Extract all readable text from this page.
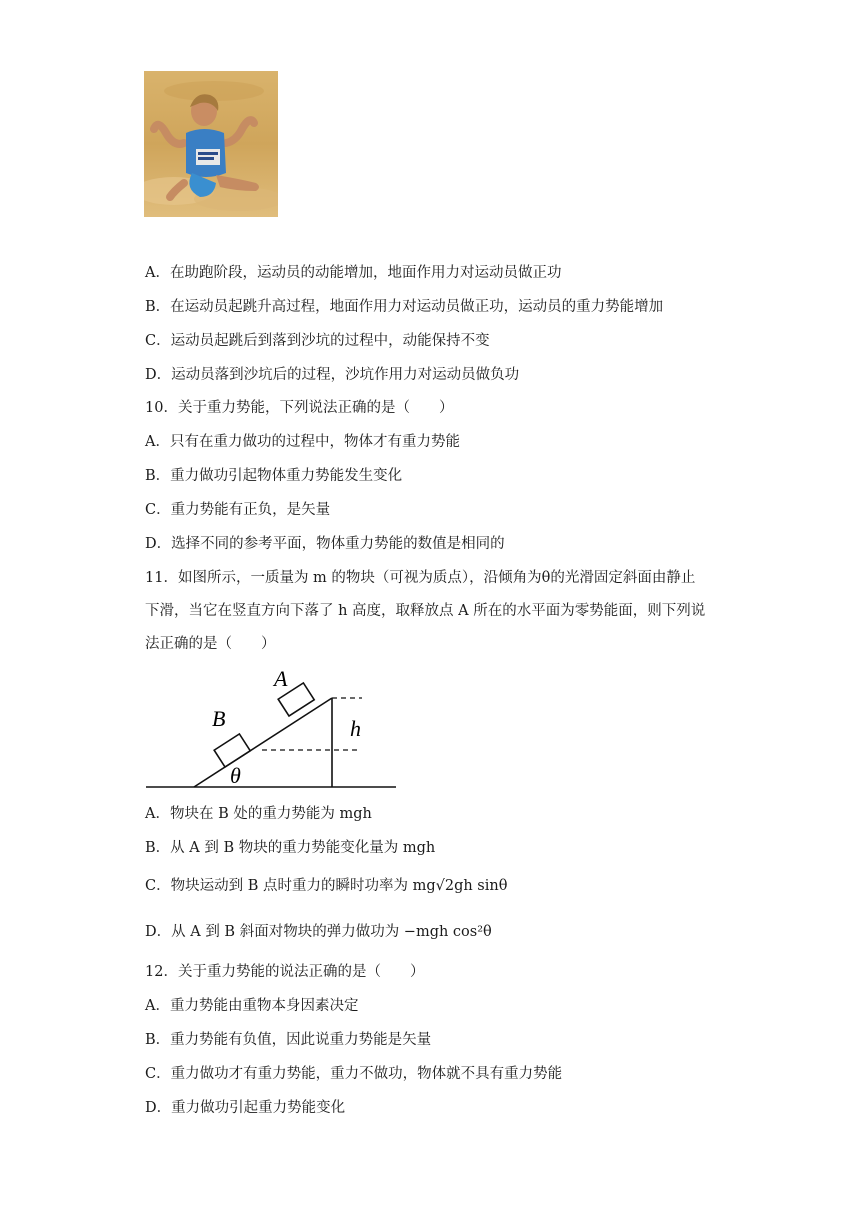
A．在助跑阶段，运动员的动能增加，地面作用力对运动员做正功
B．在运动员起跳升高过程，地面作用力对运动员做正功，运动员的重力势能增加
C．运动员起跳后到落到沙坑的过程中，动能保持不变
D．运动员落到沙坑后的过程，沙坑作用力对运动员做负功
10．关于重力势能，下列说法正确的是（　　）
A．只有在重力做功的过程中，物体才有重力势能
B．重力做功引起物体重力势能发生变化
C．重力势能有正负，是矢量
D．选择不同的参考平面，物体重力势能的数值是相同的
11．如图所示，一质量为 m 的物块（可视为质点），沿倾角为θ的光滑固定斜面由静止
下滑，当它在竖直方向下落了 h 高度，取释放点 A 所在的水平面为零势能面，则下列说
法正确的是（　　）
A
B	h
θ
A．物块在 B 处的重力势能为 mgh
B．从 A 到 B 物块的重力势能变化量为 mgh
C．物块运动到 B 点时重力的瞬时功率为 mg√2gh sinθ
D．从 A 到 B 斜面对物块的弹力做功为 −mgh cos²θ
12．关于重力势能的说法正确的是（　　）
A．重力势能由重物本身因素决定
B．重力势能有负值，因此说重力势能是矢量
C．重力做功才有重力势能，重力不做功，物体就不具有重力势能
D．重力做功引起重力势能变化
